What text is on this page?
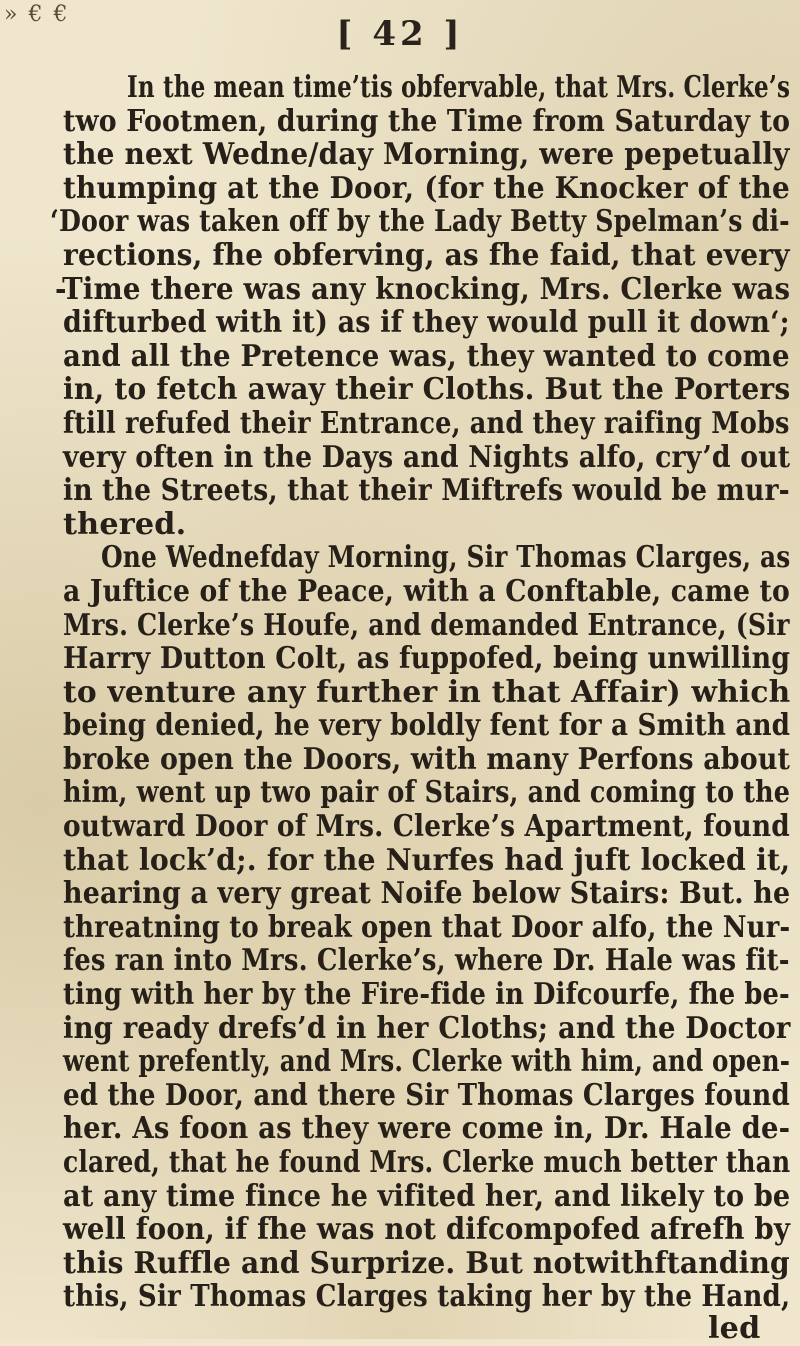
» € €	[ 42 ]
In the mean time’tis obfervable, that Mrs. Clerke’s
two Footmen, during the Time from Saturday to
the next Wedne/day Morning, were pepetually
thumping at the Door, (for the Knocker of the
‘Door was taken off by the Lady Betty Spelman’s di-
rections, fhe obferving, as fhe faid, that every
-Time there was any knocking, Mrs. Clerke was
difturbed with it) as if they would pull it down‘;
and all the Pretence was, they wanted to come
in, to fetch away their Cloths. But the Porters
ftill refufed their Entrance, and they raifing Mobs
very often in the Days and Nights alfo, cry’d out
in the Streets, that their Miftrefs would be mur-
thered.
One Wednefday Morning, Sir Thomas Clarges, as
a Juftice of the Peace, with a Conftable, came to
Mrs. Clerke’s Houfe, and demanded Entrance, (Sir
Harry Dutton Colt, as fuppofed, being unwilling
to venture any further in that Affair) which
being denied, he very boldly fent for a Smith and
broke open the Doors, with many Perfons about
him, went up two pair of Stairs, and coming to the
outward Door of Mrs. Clerke’s Apartment, found
that lock’d;. for the Nurfes had juft locked it,
hearing a very great Noife below Stairs: But. he
threatning to break open that Door alfo, the Nur-
fes ran into Mrs. Clerke’s, where Dr. Hale was fit-
ting with her by the Fire-fide in Difcourfe, fhe be-
ing ready drefs’d in her Cloths; and the Doctor
went prefently, and Mrs. Clerke with him, and open-
ed the Door, and there Sir Thomas Clarges found
her. As foon as they were come in, Dr. Hale de-
clared, that he found Mrs. Clerke much better than
at any time fince he vifited her, and likely to be
well foon, if fhe was not difcompofed afrefh by
this Ruffle and Surprize. But notwithftanding
this, Sir Thomas Clarges taking her by the Hand,
led
